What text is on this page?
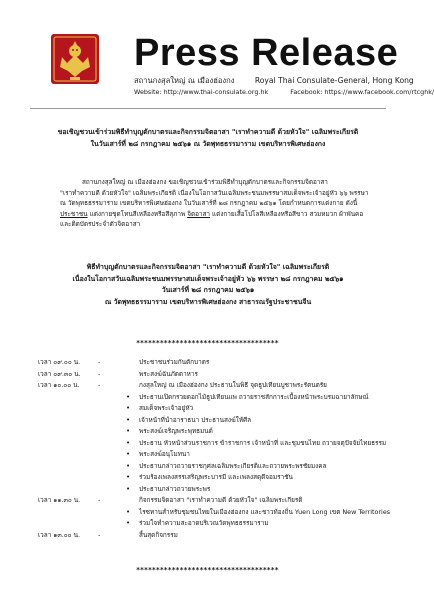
Press Release
สถานกงสุลใหญ่ ณ เมืองฮ่องกง	Royal Thai Consulate-General, Hong Kong
Website: http://www.thai-consulate.org.hk	Facebook: https://www.facebook.com/rtcghk/
ขอเชิญชวนเข้าร่วมพิธีทำบุญตักบาตรและกิจกรรมจิตอาสา "เราทำความดี ด้วยหัวใจ" เฉลิมพระเกียรติ
ในวันเสาร์ที่ ๒๘ กรกฎาคม ๒๕๖๑ ณ วัดพุทธธรรมาราม เขตบริหารพิเศษฮ่องกง
สถานกงสุลใหญ่ ณ เมืองฮ่องกง ขอเชิญชวนเข้าร่วมพิธีทำบุญตักบาตรและกิจกรรมจิตอาสา
"เราทำความดี ด้วยหัวใจ" เฉลิมพระเกียรติ เนื่องในโอกาสวันเฉลิมพระชนมพรรษาสมเด็จพระเจ้าอยู่หัว ๖๖ พรรษา
ณ วัดพุทธธรรมาราม เขตบริหารพิเศษฮ่องกง ในวันเสาร์ที่ ๒๘ กรกฎาคม ๒๕๖๑ โดยกำหนดการแต่งกาย ดังนี้
ประชาชน แต่งกายชุดโทนสีเหลืองหรือสีสุภาพ จิตอาสา แต่งกายเสื้อโปโลสีเหลืองหรือสีขาว สวมหมวก ผ้าพันคอ
และติดบัตรประจำตัวจิตอาสา
พิธีทำบุญตักบาตรและกิจกรรมจิตอาสา "เราทำความดี ด้วยหัวใจ" เฉลิมพระเกียรติ
เนื่องในโอกาสวันเฉลิมพระชนมพรรษาสมเด็จพระเจ้าอยู่หัว ๖๖ พรรษา ๒๘ กรกฎาคม ๒๕๖๑
วันเสาร์ที่ ๒๘ กรกฎาคม ๒๕๖๑
ณ วัดพุทธธรรมาราม เขตบริหารพิเศษฮ่องกง สาธารณรัฐประชาชนจีน
************************************
เวลา ๐๙.๐๐ น.	-	ประชาชนร่วมกันตักบาตร
เวลา ๐๙.๓๐ น.	-	พระสงฆ์ฉันภัตตาหาร
เวลา ๑๐.๐๐ น.	-	กงสุลใหญ่ ณ เมืองฮ่องกง ประธานในพิธี จุดธูปเทียนบูชาพระรัตนตรัย
• ประธานเปิดกรวยดอกไม้ธูปเทียนแพ ถวายราชสักการะเบื้องหน้าพระบรมฉายาลักษณ์
• สมเด็จพระเจ้าอยู่หัว
• เจ้าหน้าที่นำอาราธนา ประธานสงฆ์ให้ศีล
• พระสงฆ์เจริญพระพุทธมนต์
• ประธาน หัวหน้าส่วนราชการ ข้าราชการ เจ้าหน้าที่ และชุมชนไทย ถวายจตุปัจจัยไทยธรรม
• พระสงฆ์อนุโมทนา
• ประธานกล่าวถวายราชกุศลเฉลิมพระเกียรติและถวายพระพรชัยมงคล
• ร่วมร้องเพลงสรรเสริญพระบารมี และเพลงสดุดีจอมราชัน
• ประธานกล่าวถวายพระพร
เวลา ๑๑.๓๐ น.	-	กิจกรรมจิตอาสา "เราทำความดี ด้วยหัวใจ" เฉลิมพระเกียรติ
• ไรซทานสำหรับชุมชนไทยในเมืองฮ่องกง และชาวท้องถิ่น Yuen Long เขต New Territories
• ร่วมใจทำความสะอาดบริเวณวัดพุทธธรรมาราม
เวลา ๑๓.๐๐ น.	-	สิ้นสุดกิจกรรม
************************************
